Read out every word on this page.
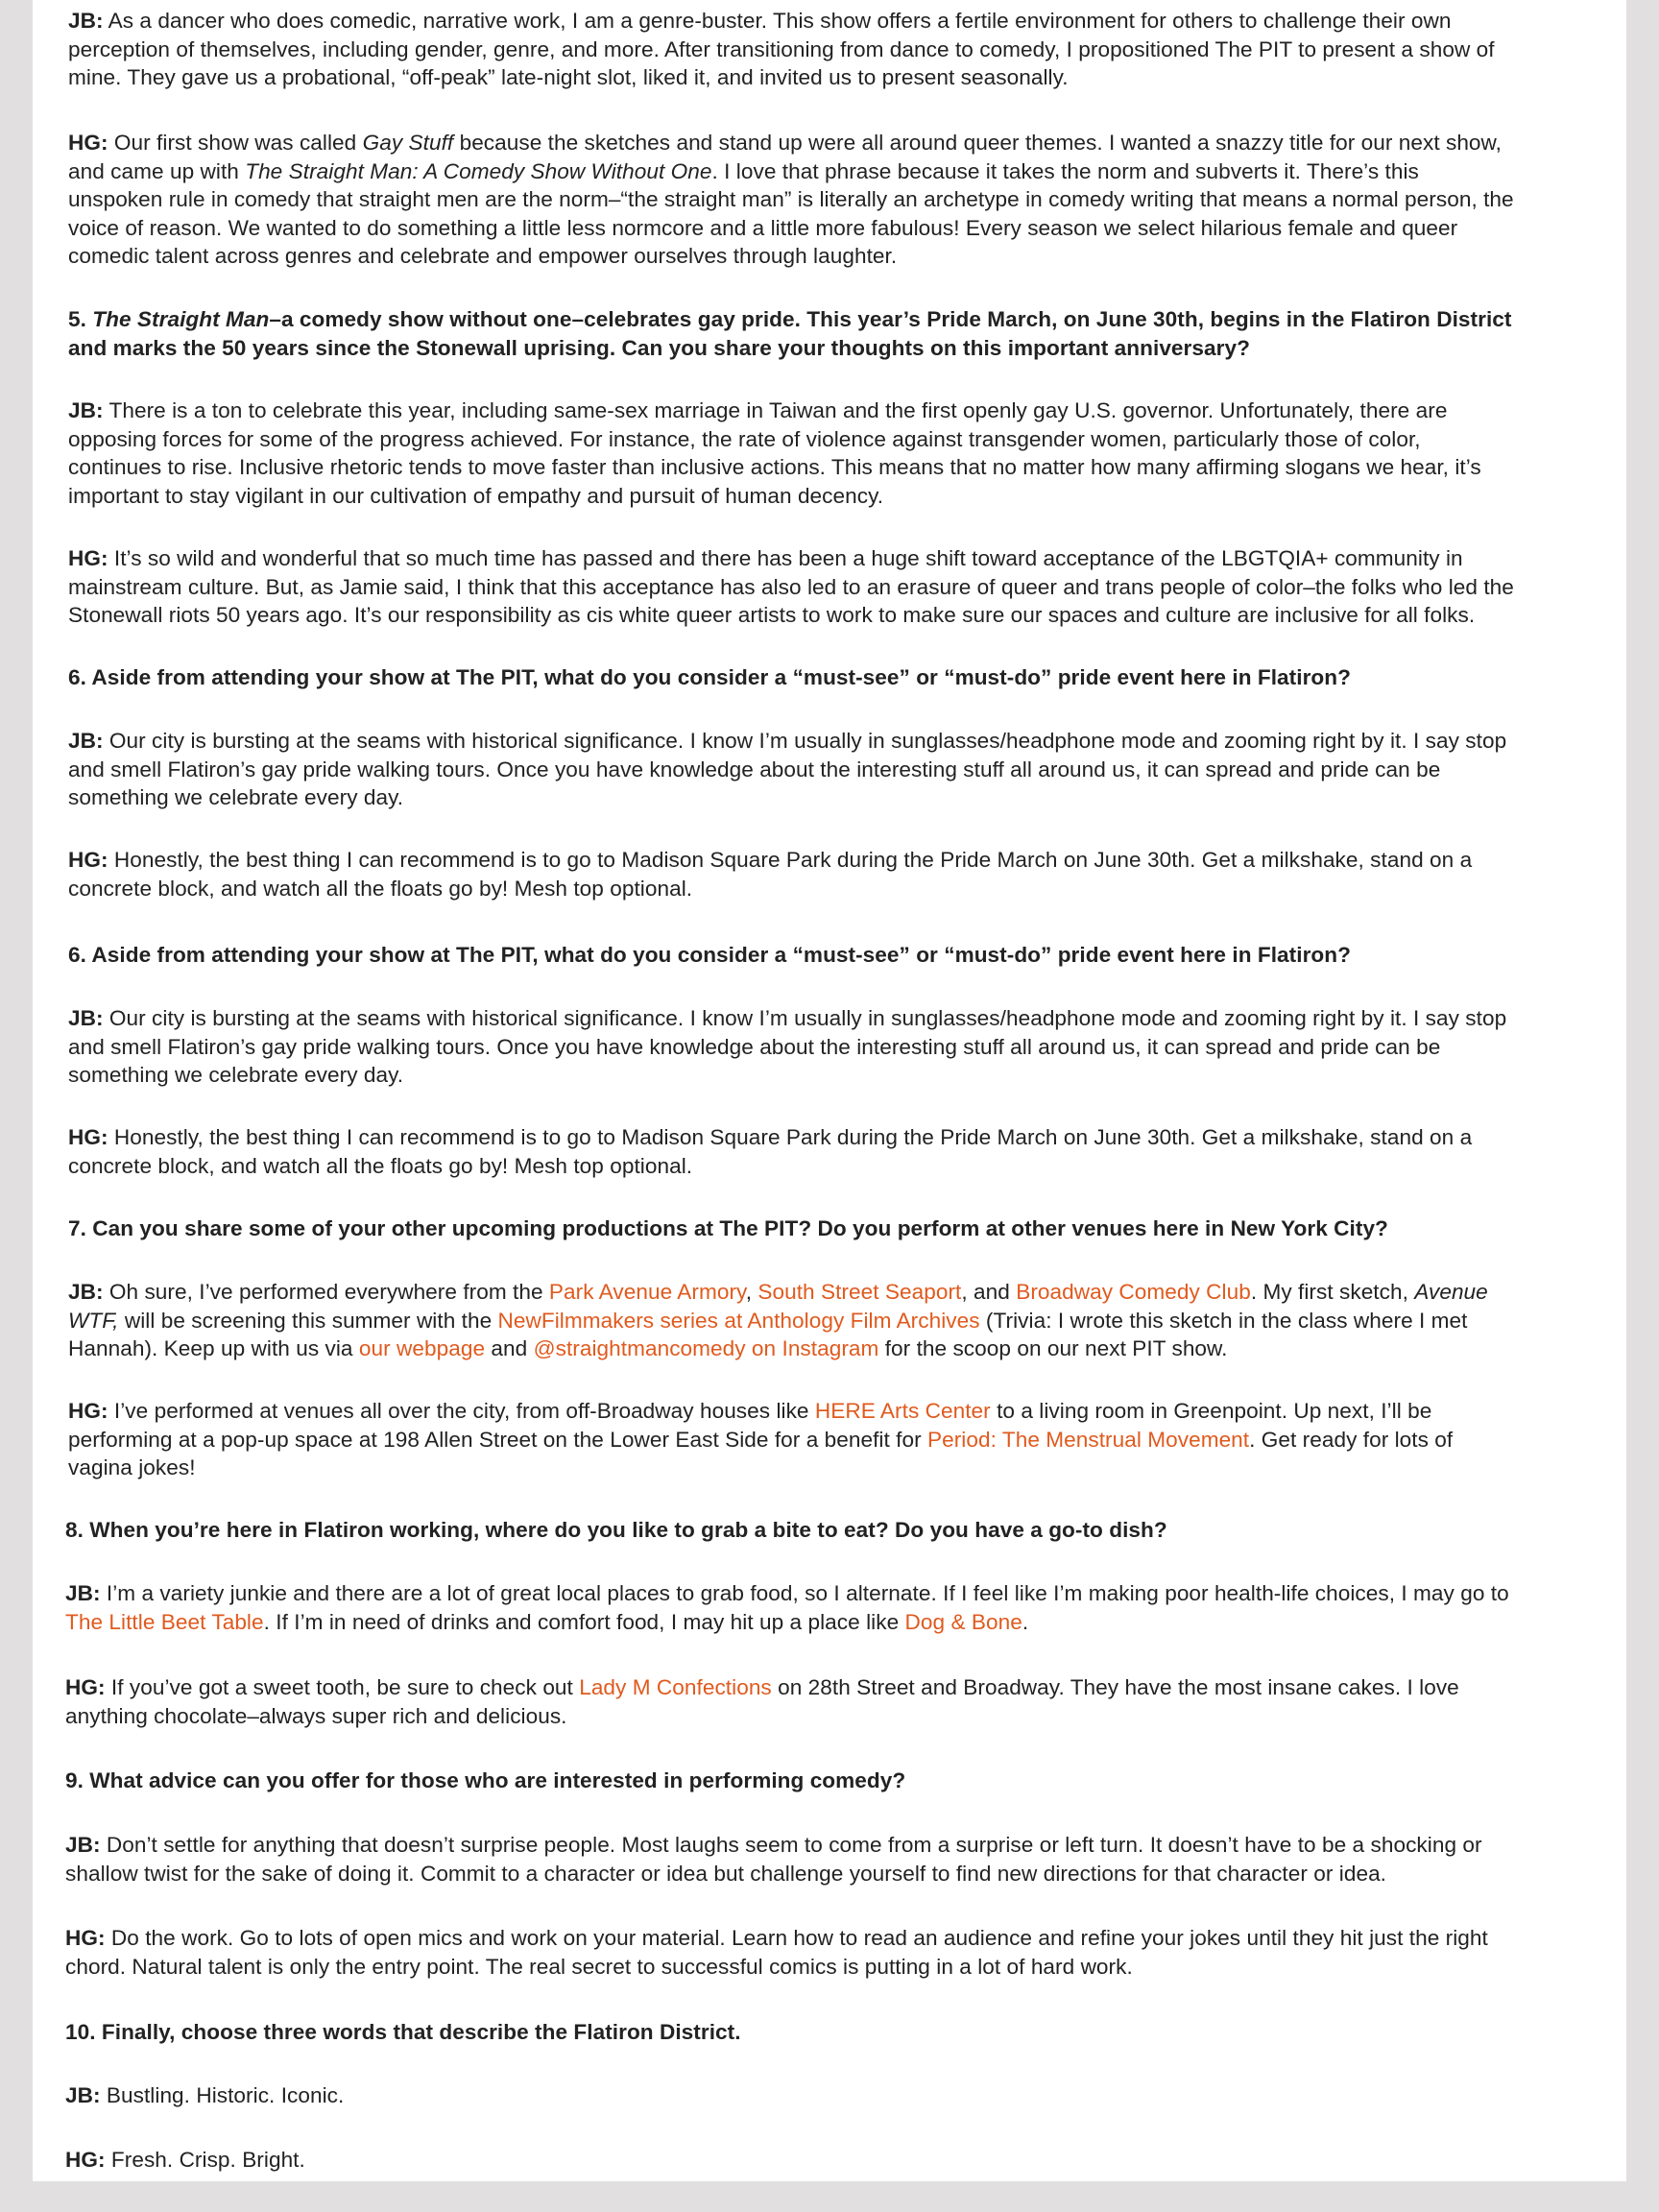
JB: As a dancer who does comedic, narrative work, I am a genre-buster. This show offers a fertile environment for others to challenge their own
perception of themselves, including gender, genre, and more. After transitioning from dance to comedy, I propositioned The PIT to present a show of
mine. They gave us a probational, “off-peak” late-night slot, liked it, and invited us to present seasonally.

HG: Our first show was called Gay Stuff because the sketches and stand up were all around queer themes. I wanted a snazzy title for our next show,
and came up with The Straight Man: A Comedy Show Without One. I love that phrase because it takes the norm and subverts it. There’s this
unspoken rule in comedy that straight men are the norm–“the straight man” is literally an archetype in comedy writing that means a normal person, the
voice of reason. We wanted to do something a little less normcore and a little more fabulous! Every season we select hilarious female and queer
comedic talent across genres and celebrate and empower ourselves through laughter.

5. The Straight Man–a comedy show without one–celebrates gay pride. This year’s Pride March, on June 30th, begins in the Flatiron District
and marks the 50 years since the Stonewall uprising. Can you share your thoughts on this important anniversary?

JB: There is a ton to celebrate this year, including same-sex marriage in Taiwan and the first openly gay U.S. governor. Unfortunately, there are
opposing forces for some of the progress achieved. For instance, the rate of violence against transgender women, particularly those of color,
continues to rise. Inclusive rhetoric tends to move faster than inclusive actions. This means that no matter how many affirming slogans we hear, it’s
important to stay vigilant in our cultivation of empathy and pursuit of human decency.

HG: It’s so wild and wonderful that so much time has passed and there has been a huge shift toward acceptance of the LBGTQIA+ community in
mainstream culture. But, as Jamie said, I think that this acceptance has also led to an erasure of queer and trans people of color–the folks who led the
Stonewall riots 50 years ago. It’s our responsibility as cis white queer artists to work to make sure our spaces and culture are inclusive for all folks.

6. Aside from attending your show at The PIT, what do you consider a “must-see” or “must-do” pride event here in Flatiron?

JB: Our city is bursting at the seams with historical significance. I know I’m usually in sunglasses/headphone mode and zooming right by it. I say stop
and smell Flatiron’s gay pride walking tours. Once you have knowledge about the interesting stuff all around us, it can spread and pride can be
something we celebrate every day.

HG: Honestly, the best thing I can recommend is to go to Madison Square Park during the Pride March on June 30th. Get a milkshake, stand on a
concrete block, and watch all the floats go by! Mesh top optional.

6. Aside from attending your show at The PIT, what do you consider a “must-see” or “must-do” pride event here in Flatiron?

JB: Our city is bursting at the seams with historical significance. I know I’m usually in sunglasses/headphone mode and zooming right by it. I say stop
and smell Flatiron’s gay pride walking tours. Once you have knowledge about the interesting stuff all around us, it can spread and pride can be
something we celebrate every day.

HG: Honestly, the best thing I can recommend is to go to Madison Square Park during the Pride March on June 30th. Get a milkshake, stand on a
concrete block, and watch all the floats go by! Mesh top optional.

7. Can you share some of your other upcoming productions at The PIT? Do you perform at other venues here in New York City?

JB: Oh sure, I’ve performed everywhere from the Park Avenue Armory, South Street Seaport, and Broadway Comedy Club. My first sketch, Avenue
WTF, will be screening this summer with the NewFilmmakers series at Anthology Film Archives (Trivia: I wrote this sketch in the class where I met
Hannah). Keep up with us via our webpage and @straightmancomedy on Instagram for the scoop on our next PIT show.

HG: I’ve performed at venues all over the city, from off-Broadway houses like HERE Arts Center to a living room in Greenpoint. Up next, I’ll be
performing at a pop-up space at 198 Allen Street on the Lower East Side for a benefit for Period: The Menstrual Movement. Get ready for lots of
vagina jokes!

8. When you’re here in Flatiron working, where do you like to grab a bite to eat? Do you have a go-to dish?

JB: I’m a variety junkie and there are a lot of great local places to grab food, so I alternate. If I feel like I’m making poor health-life choices, I may go to
The Little Beet Table. If I’m in need of drinks and comfort food, I may hit up a place like Dog & Bone.

HG: If you’ve got a sweet tooth, be sure to check out Lady M Confections on 28th Street and Broadway. They have the most insane cakes. I love
anything chocolate–always super rich and delicious.

9. What advice can you offer for those who are interested in performing comedy?

JB: Don’t settle for anything that doesn’t surprise people. Most laughs seem to come from a surprise or left turn. It doesn’t have to be a shocking or
shallow twist for the sake of doing it. Commit to a character or idea but challenge yourself to find new directions for that character or idea.

HG: Do the work. Go to lots of open mics and work on your material. Learn how to read an audience and refine your jokes until they hit just the right
chord. Natural talent is only the entry point. The real secret to successful comics is putting in a lot of hard work.

10. Finally, choose three words that describe the Flatiron District.

JB: Bustling. Historic. Iconic.

HG: Fresh. Crisp. Bright.
